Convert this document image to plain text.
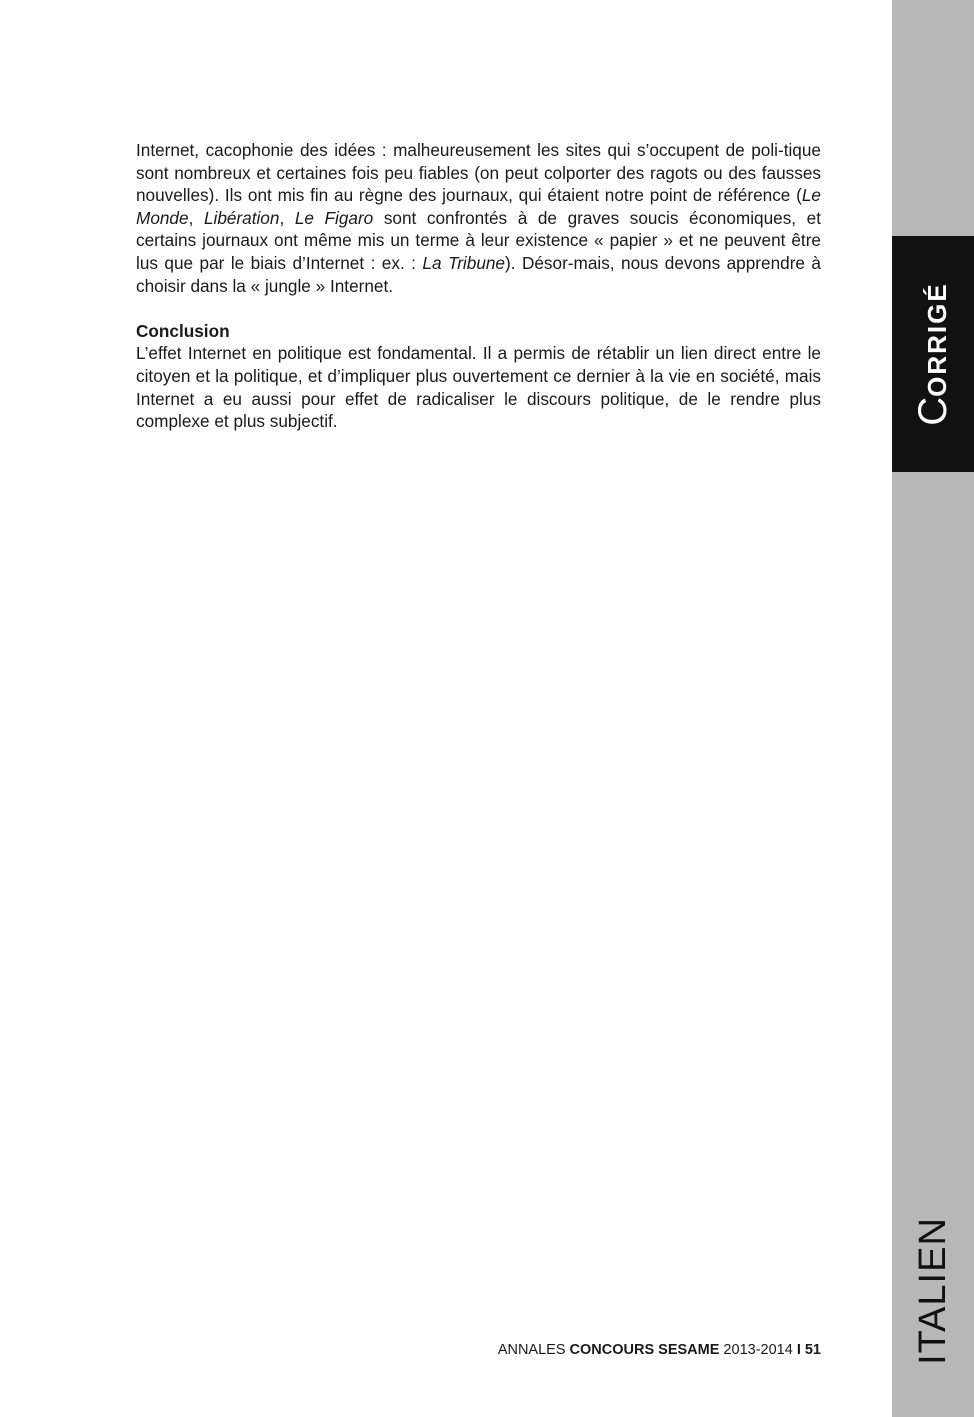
Internet, cacophonie des idées : malheureusement les sites qui s’occupent de poli-tique sont nombreux et certaines fois peu fiables (on peut colporter des ragots ou des fausses nouvelles). Ils ont mis fin au règne des journaux, qui étaient notre point de référence (Le Monde, Libération, Le Figaro sont confrontés à de graves soucis économiques, et certains journaux ont même mis un terme à leur existence « papier » et ne peuvent être lus que par le biais d’Internet : ex. : La Tribune). Désor-mais, nous devons apprendre à choisir dans la « jungle » Internet.

Conclusion

L’effet Internet en politique est fondamental. Il a permis de rétablir un lien direct entre le citoyen et la politique, et d’impliquer plus ouvertement ce dernier à la vie en société, mais Internet a eu aussi pour effet de radicaliser le discours politique, de le rendre plus complexe et plus subjectif.	CORRIGÉ
ITALIEN
ANNALES CONCOURS SESAME 2013-2014 I 51
